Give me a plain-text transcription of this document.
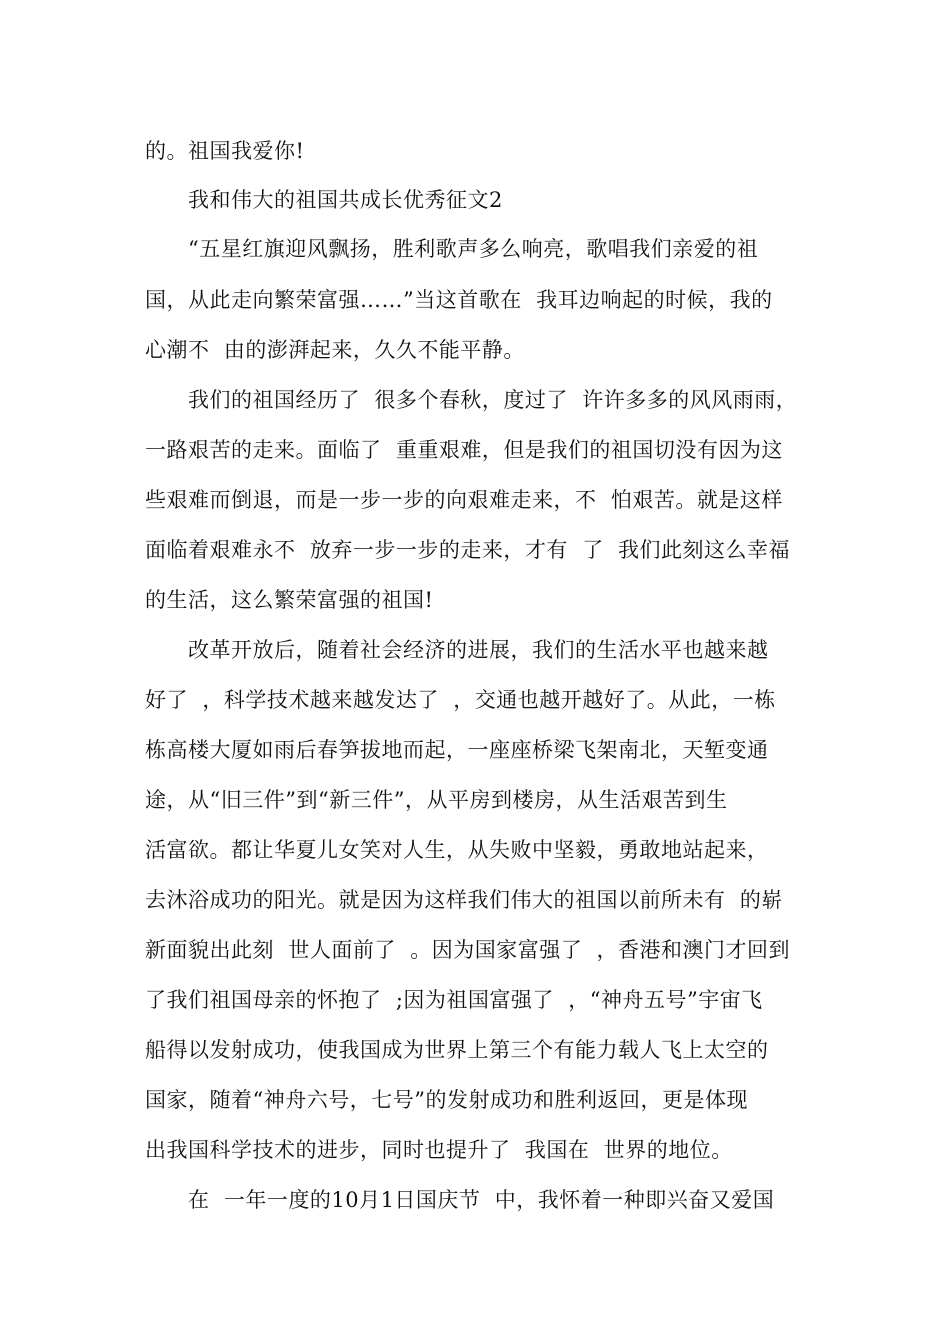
的。祖国我爱你!
　　我和伟大的祖国共成长优秀征文2
　　“五星红旗迎风飘扬，胜利歌声多么响亮，歌唱我们亲爱的祖
国，从此走向繁荣富强……”当这首歌在  我耳边响起的时候，我的
心潮不  由的澎湃起来，久久不能平静。
　　我们的祖国经历了  很多个春秋，度过了  许许多多的风风雨雨，
一路艰苦的走来。面临了  重重艰难，但是我们的祖国切没有因为这
些艰难而倒退，而是一步一步的向艰难走来，不  怕艰苦。就是这样
面临着艰难永不  放弃一步一步的走来，才有  了  我们此刻这么幸福
的生活，这么繁荣富强的祖国!
　　改革开放后，随着社会经济的进展，我们的生活水平也越来越
好了  ，科学技术越来越发达了  ，交通也越开越好了。从此，一栋
栋高楼大厦如雨后春笋拔地而起，一座座桥梁飞架南北，天堑变通
途，从“旧三件”到“新三件”，从平房到楼房，从生活艰苦到生
活富欲。都让华夏儿女笑对人生，从失败中坚毅，勇敢地站起来，
去沐浴成功的阳光。就是因为这样我们伟大的祖国以前所未有  的崭
新面貌出此刻  世人面前了  。因为国家富强了  ，香港和澳门才回到
了我们祖国母亲的怀抱了  ;因为祖国富强了  ，“神舟五号”宇宙飞
船得以发射成功，使我国成为世界上第三个有能力载人飞上太空的
国家，随着“神舟六号，七号”的发射成功和胜利返回，更是体现
出我国科学技术的进步，同时也提升了  我国在  世界的地位。
　　在  一年一度的10月1日国庆节  中，我怀着一种即兴奋又爱国
